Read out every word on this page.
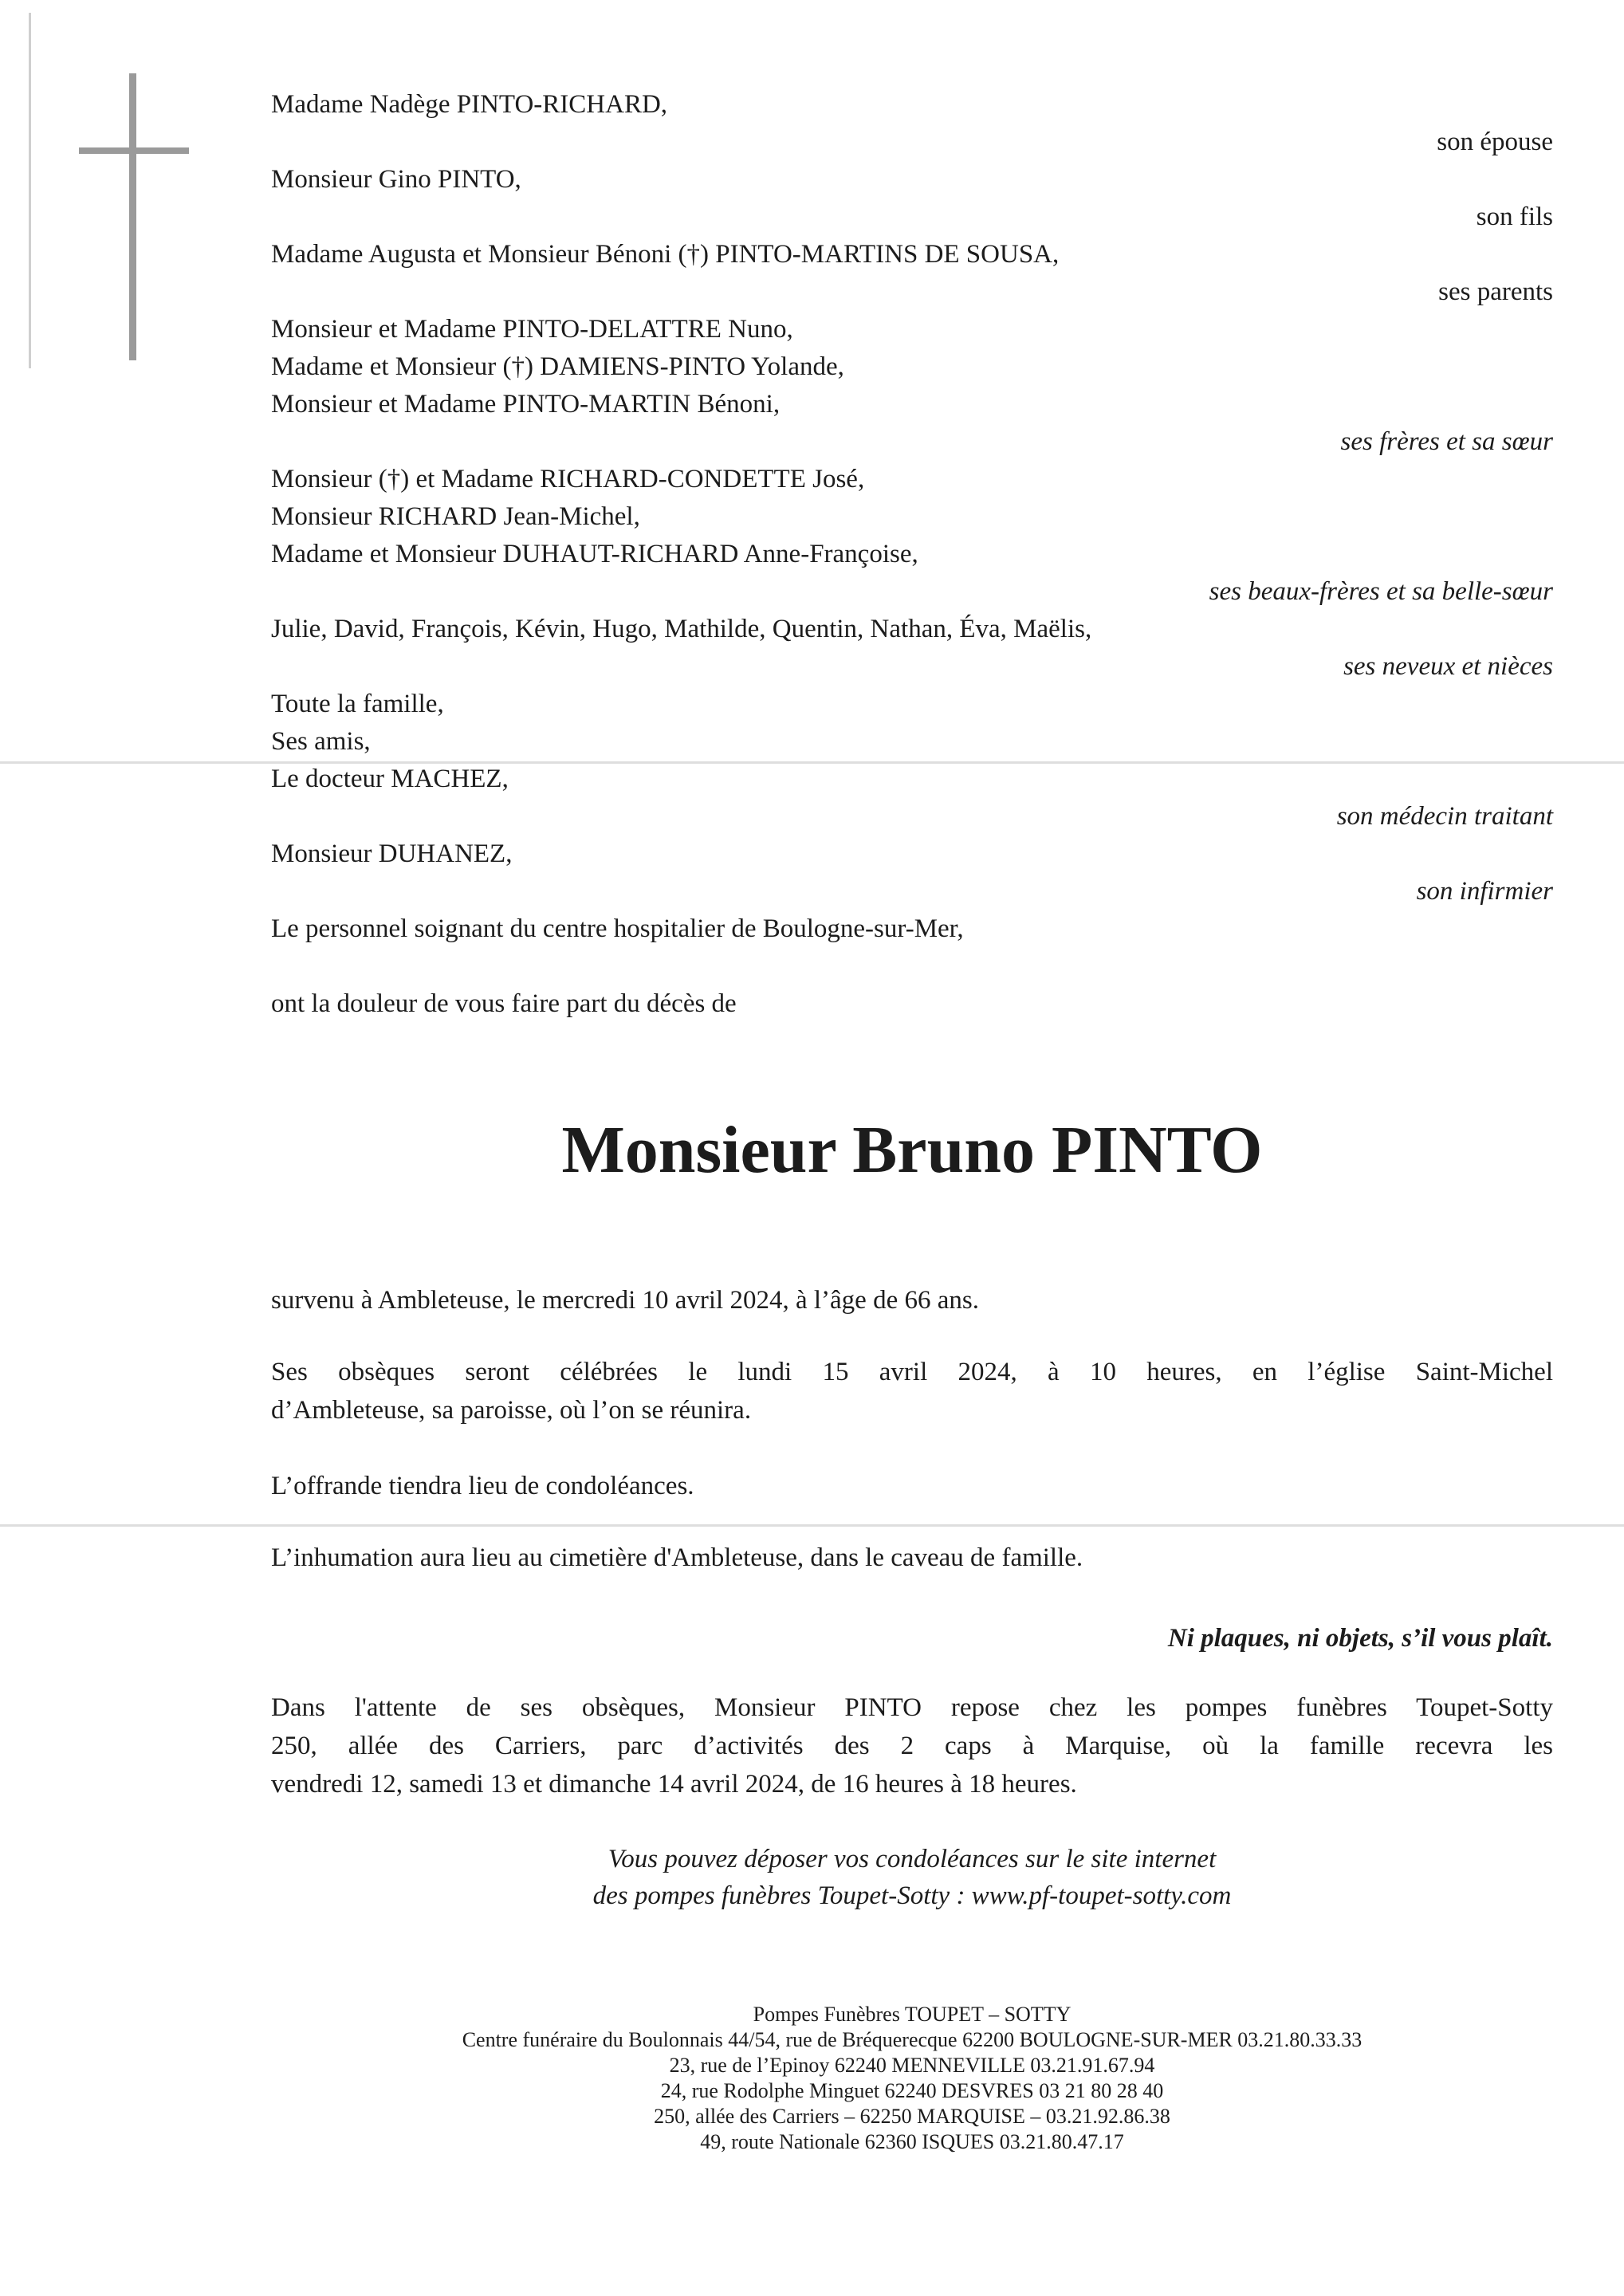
Madame Nadège PINTO-RICHARD,
son épouse
Monsieur Gino PINTO,
son fils
Madame Augusta et Monsieur Bénoni (†) PINTO-MARTINS DE SOUSA,
ses parents
Monsieur et Madame PINTO-DELATTRE Nuno,
Madame et Monsieur (†) DAMIENS-PINTO Yolande,
Monsieur et Madame PINTO-MARTIN Bénoni,
ses frères et sa sœur
Monsieur (†) et Madame RICHARD-CONDETTE José,
Monsieur RICHARD Jean-Michel,
Madame et Monsieur DUHAUT-RICHARD Anne-Françoise,
ses beaux-frères et sa belle-sœur
Julie, David, François, Kévin, Hugo, Mathilde, Quentin, Nathan, Éva, Maëlis,
ses neveux et nièces
Toute la famille,
Ses amis,
Le docteur MACHEZ,
son médecin traitant
Monsieur DUHANEZ,
son infirmier
Le personnel soignant du centre hospitalier de Boulogne-sur-Mer,
ont la douleur de vous faire part du décès de
Monsieur Bruno PINTO
survenu à Ambleteuse, le mercredi 10 avril 2024, à l’âge de 66 ans.
Ses obsèques seront célébrées le lundi 15 avril 2024, à 10 heures, en l’église Saint-Michel
d’Ambleteuse, sa paroisse, où l’on se réunira.
L’offrande tiendra lieu de condoléances.
L’inhumation aura lieu au cimetière d'Ambleteuse, dans le caveau de famille.
Ni plaques, ni objets, s’il vous plaît.
Dans l'attente de ses obsèques, Monsieur PINTO repose chez les pompes funèbres Toupet-Sotty
250, allée des Carriers, parc d’activités des 2 caps à Marquise, où la famille recevra les
vendredi 12, samedi 13 et dimanche 14 avril 2024, de 16 heures à 18 heures.
Vous pouvez déposer vos condoléances sur le site internet
des pompes funèbres Toupet-Sotty : www.pf-toupet-sotty.com
Pompes Funèbres TOUPET – SOTTY
Centre funéraire du Boulonnais 44/54, rue de Bréquerecque 62200 BOULOGNE-SUR-MER 03.21.80.33.33
23, rue de l’Epinoy 62240 MENNEVILLE 03.21.91.67.94
24, rue Rodolphe Minguet 62240 DESVRES 03 21 80 28 40
250, allée des Carriers – 62250 MARQUISE – 03.21.92.86.38
49, route Nationale 62360 ISQUES 03.21.80.47.17
